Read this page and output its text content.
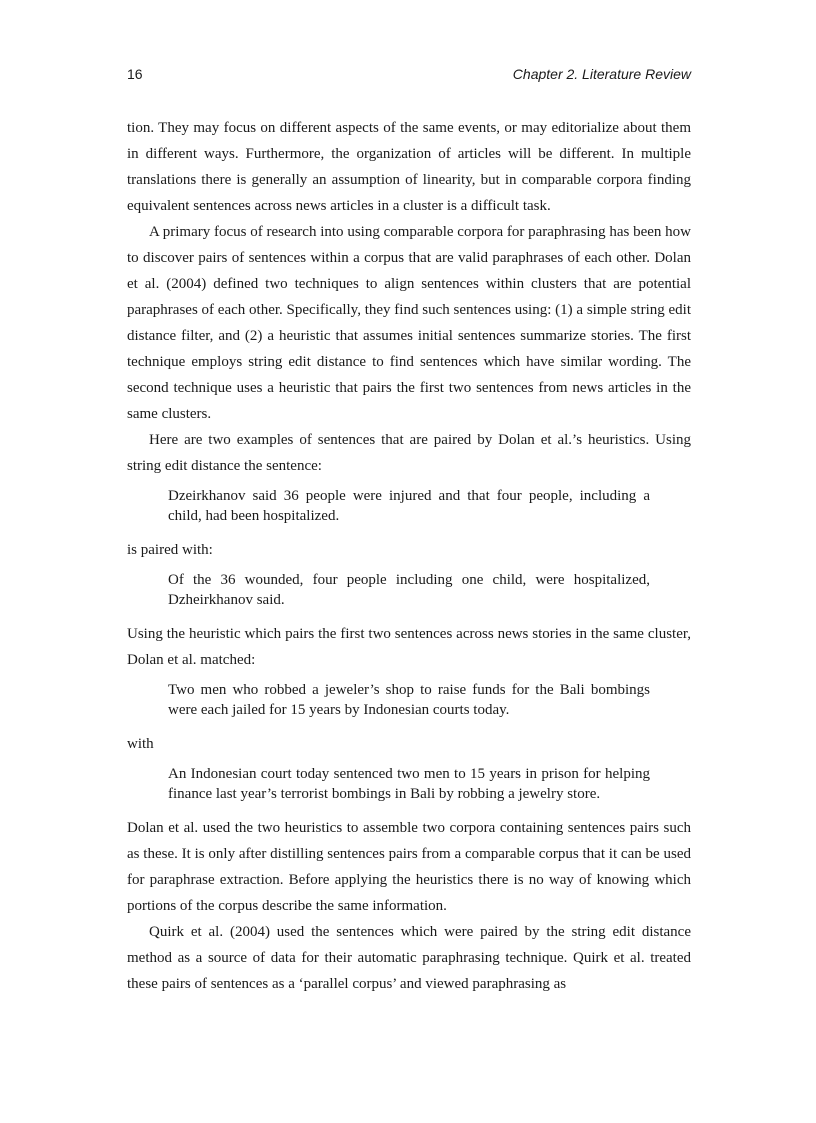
16	Chapter 2. Literature Review

tion. They may focus on different aspects of the same events, or may editorialize about them in different ways. Furthermore, the organization of articles will be different. In multiple translations there is generally an assumption of linearity, but in comparable corpora finding equivalent sentences across news articles in a cluster is a difficult task.

A primary focus of research into using comparable corpora for paraphrasing has been how to discover pairs of sentences within a corpus that are valid paraphrases of each other. Dolan et al. (2004) defined two techniques to align sentences within clusters that are potential paraphrases of each other. Specifically, they find such sentences using: (1) a simple string edit distance filter, and (2) a heuristic that assumes initial sentences summarize stories. The first technique employs string edit distance to find sentences which have similar wording. The second technique uses a heuristic that pairs the first two sentences from news articles in the same clusters.

Here are two examples of sentences that are paired by Dolan et al.’s heuristics. Using string edit distance the sentence:

Dzeirkhanov said 36 people were injured and that four people, including a child, had been hospitalized.

is paired with:

Of the 36 wounded, four people including one child, were hospitalized, Dzheirkhanov said.

Using the heuristic which pairs the first two sentences across news stories in the same cluster, Dolan et al. matched:

Two men who robbed a jeweler’s shop to raise funds for the Bali bombings were each jailed for 15 years by Indonesian courts today.

with

An Indonesian court today sentenced two men to 15 years in prison for helping finance last year’s terrorist bombings in Bali by robbing a jewelry store.

Dolan et al. used the two heuristics to assemble two corpora containing sentences pairs such as these. It is only after distilling sentences pairs from a comparable corpus that it can be used for paraphrase extraction. Before applying the heuristics there is no way of knowing which portions of the corpus describe the same information.

Quirk et al. (2004) used the sentences which were paired by the string edit distance method as a source of data for their automatic paraphrasing technique. Quirk et al. treated these pairs of sentences as a ‘parallel corpus’ and viewed paraphrasing as
